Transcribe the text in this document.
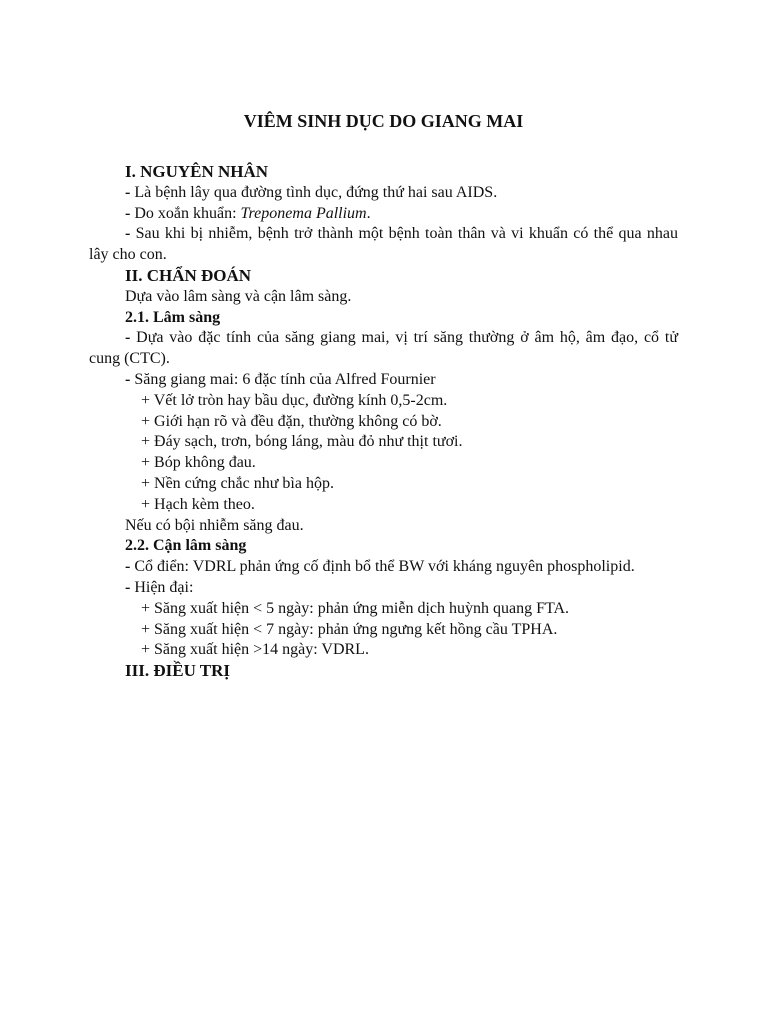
VIÊM SINH DỤC DO GIANG MAI
I. NGUYÊN NHÂN
- Là bệnh lây qua đường tình dục, đứng thứ hai sau AIDS.
- Do xoắn khuẩn: Treponema Pallium.

- Sau khi bị nhiễm, bệnh trở thành một bệnh toàn thân và vi khuẩn có thể qua nhau lây cho con.

II. CHẨN ĐOÁN
Dựa vào lâm sàng và cận lâm sàng.
2.1. Lâm sàng

- Dựa vào đặc tính của săng giang mai, vị trí săng thường ở âm hộ, âm đạo, cổ tử cung (CTC).

- Săng giang mai: 6 đặc tính của Alfred Fournier
+ Vết lở tròn hay bầu dục, đường kính 0,5-2cm.
+ Giới hạn rõ và đều đặn, thường không có bờ.
+ Đáy sạch, trơn, bóng láng, màu đỏ như thịt tươi.
+ Bóp không đau.
+ Nền cứng chắc như bìa hộp.
+ Hạch kèm theo.
Nếu có bội nhiễm săng đau.
2.2. Cận lâm sàng

- Cổ điển: VDRL phản ứng cố định bổ thể BW với kháng nguyên phospholipid.

- Hiện đại:
+ Săng xuất hiện < 5 ngày: phản ứng miễn dịch huỳnh quang FTA.
+ Săng xuất hiện < 7 ngày: phản ứng ngưng kết hồng cầu TPHA.
+ Săng xuất hiện >14 ngày: VDRL.
III. ĐIỀU TRỊ
